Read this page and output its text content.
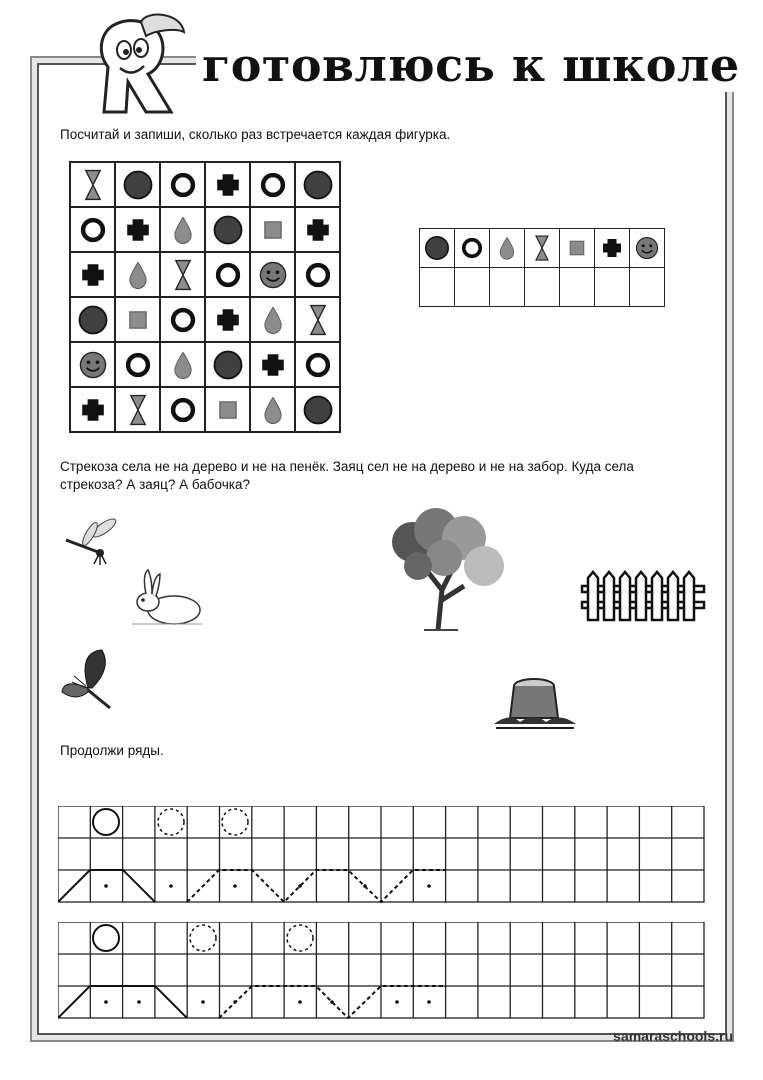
готовлюсь к школе
Посчитай и запиши, сколько раз встречается каждая фигурка.

Стрекоза села не на дерево и не на пенёк. Заяц сел не на дерево и не на забор. Куда села стрекоза? А заяц? А бабочка?
Продолжи ряды.
samaraschools.ru
